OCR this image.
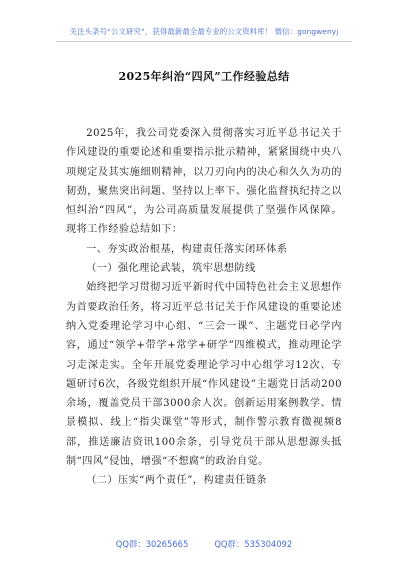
关注头条号“公文研究”，获得最新最全最专业的公文资料库！ 微信：gongwenyj
2025年纠治“四风”工作经验总结

2025年，我公司党委深入贯彻落实习近平总书记关于作风建设的重要论述和重要指示批示精神，紧紧围绕中央八项规定及其实施细则精神，以刀刃向内的决心和久久为功的韧劲，聚焦突出问题、坚持以上率下、强化监督执纪持之以恒纠治“四风”，为公司高质量发展提供了坚强作风保障。现将工作经验总结如下：

一、夯实政治根基，构建责任落实闭环体系

（一）强化理论武装，筑牢思想防线

始终把学习贯彻习近平新时代中国特色社会主义思想作为首要政治任务，将习近平总书记关于作风建设的重要论述纳入党委理论学习中心组、“三会一课”、主题党日必学内容，通过“领学+带学+常学+研学”四维模式，推动理论学习走深走实。全年开展党委理论学习中心组学习12次、专题研讨6次，各级党组织开展“作风建设”主题党日活动200余场，覆盖党员干部3000余人次。创新运用案例教学、情景模拟、线上“指尖课堂”等形式，制作警示教育微视频8部，推送廉洁资讯100余条，引导党员干部从思想源头抵制“四风”侵蚀，增强“不想腐”的政治自觉。

（二）压实“两个责任”，构建责任链条

QQ群：30265665	QQ群：535304092
